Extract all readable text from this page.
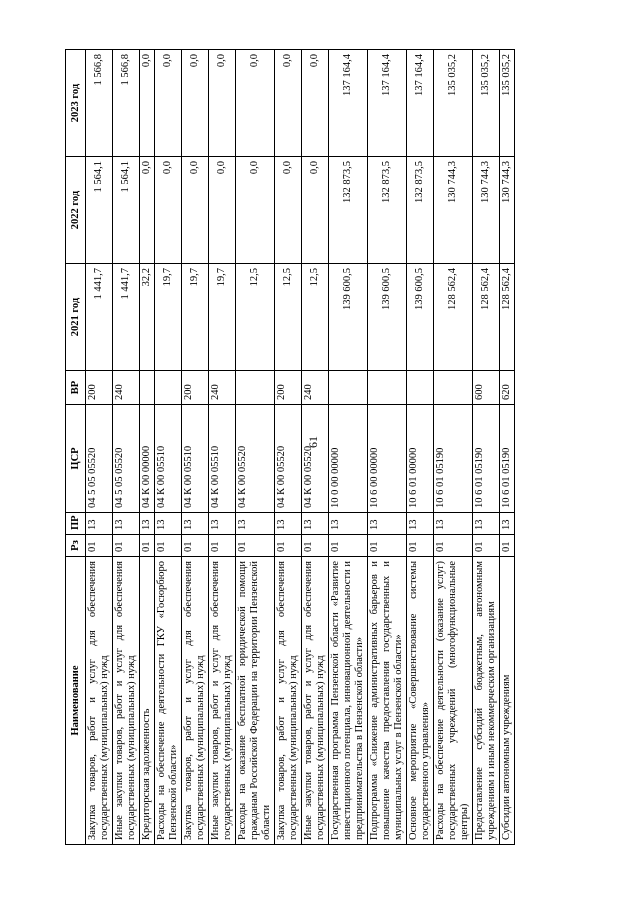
61
Наименование	Рз	ПР	ЦСР	ВР	2021 год	2022 год	2023 год
Закупка товаров, работ и услуг для обеспечения государственных (муниципальных) нужд	01	13	04 5 05 05520	200	1 441,7	1 564,1	1 566,8
Иные закупки товаров, работ и услуг для обеспечения государственных (муниципальных) нужд	01	13	04 5 05 05520	240	1 441,7	1 564,1	1 566,8
Кредиторская задолженность	01	13	04 К 00 00000		32,2	0,0	0,0
Расходы на обеспечение деятельности ГКУ «Госюрбюро Пензенской области»	01	13	04 К 00 05510		19,7	0,0	0,0
Закупка товаров, работ и услуг для обеспечения государственных (муниципальных) нужд	01	13	04 К 00 05510	200	19,7	0,0	0,0
Иные закупки товаров, работ и услуг для обеспечения государственных (муниципальных) нужд	01	13	04 К 00 05510	240	19,7	0,0	0,0
Расходы на оказание бесплатной юридической помощи гражданам Российской Федерации на территории Пензенской области	01	13	04 К 00 05520		12,5	0,0	0,0
Закупка товаров, работ и услуг для обеспечения государственных (муниципальных) нужд	01	13	04 К 00 05520	200	12,5	0,0	0,0
Иные закупки товаров, работ и услуг для обеспечения государственных (муниципальных) нужд	01	13	04 К 00 05520	240	12,5	0,0	0,0
Государственная программа Пензенской области «Развитие инвестиционного потенциала, инновационной деятельности и предпринимательства в Пензенской области»	01	13	10 0 00 00000		139 600,5	132 873,5	137 164,4
Подпрограмма «Снижение административных барьеров и повышение качества предоставления государственных и муниципальных услуг в Пензенской области»	01	13	10 6 00 00000		139 600,5	132 873,5	137 164,4
Основное мероприятие «Совершенствование системы государственного управления»	01	13	10 6 01 00000		139 600,5	132 873,5	137 164,4
Расходы на обеспечение деятельности (оказание услуг) государственных учреждений (многофункциональные центры)	01	13	10 6 01 05190		128 562,4	130 744,3	135 035,2
Предоставление субсидий бюджетным, автономным учреждениям и иным некоммерческим организациям	01	13	10 6 01 05190	600	128 562,4	130 744,3	135 035,2
Субсидии автономным учреждениям	01	13	10 6 01 05190	620	128 562,4	130 744,3	135 035,2
